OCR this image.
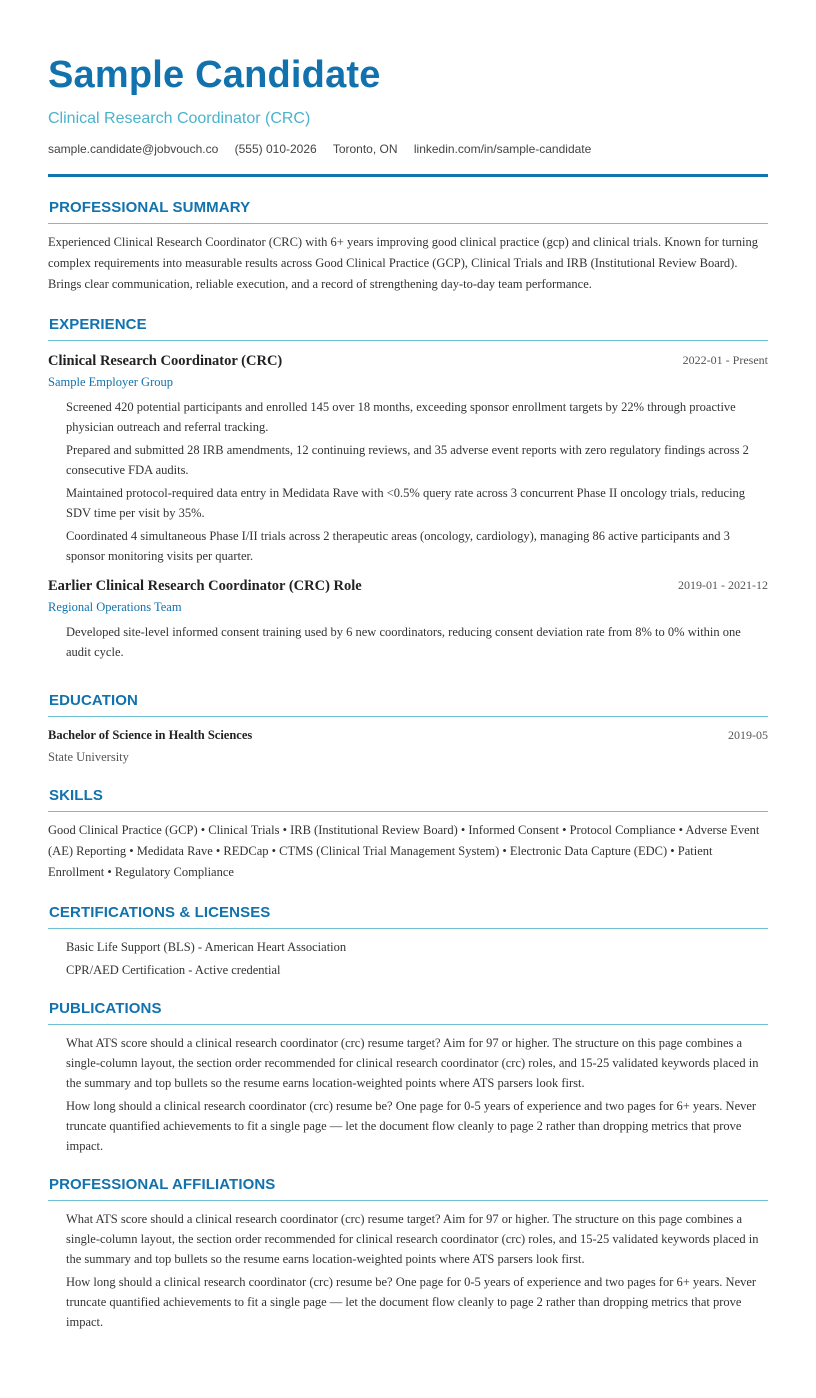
Sample Candidate
Clinical Research Coordinator (CRC)
sample.candidate@jobvouch.co (555) 010-2026 Toronto, ON linkedin.com/in/sample-candidate
PROFESSIONAL SUMMARY
Experienced Clinical Research Coordinator (CRC) with 6+ years improving good clinical practice (gcp) and clinical trials. Known for turning complex requirements into measurable results across Good Clinical Practice (GCP), Clinical Trials and IRB (Institutional Review Board). Brings clear communication, reliable execution, and a record of strengthening day-to-day team performance.
EXPERIENCE
Clinical Research Coordinator (CRC)	2022-01 - Present
Sample Employer Group
Screened 420 potential participants and enrolled 145 over 18 months, exceeding sponsor enrollment targets by 22% through proactive physician outreach and referral tracking.
Prepared and submitted 28 IRB amendments, 12 continuing reviews, and 35 adverse event reports with zero regulatory findings across 2 consecutive FDA audits.
Maintained protocol-required data entry in Medidata Rave with <0.5% query rate across 3 concurrent Phase II oncology trials, reducing SDV time per visit by 35%.
Coordinated 4 simultaneous Phase I/II trials across 2 therapeutic areas (oncology, cardiology), managing 86 active participants and 3 sponsor monitoring visits per quarter.
Earlier Clinical Research Coordinator (CRC) Role	2019-01 - 2021-12
Regional Operations Team
Developed site-level informed consent training used by 6 new coordinators, reducing consent deviation rate from 8% to 0% within one audit cycle.
EDUCATION
Bachelor of Science in Health Sciences	2019-05
State University
SKILLS
Good Clinical Practice (GCP) • Clinical Trials • IRB (Institutional Review Board) • Informed Consent • Protocol Compliance • Adverse Event (AE) Reporting • Medidata Rave • REDCap • CTMS (Clinical Trial Management System) • Electronic Data Capture (EDC) • Patient Enrollment • Regulatory Compliance
CERTIFICATIONS & LICENSES
Basic Life Support (BLS) - American Heart Association
CPR/AED Certification - Active credential
PUBLICATIONS
What ATS score should a clinical research coordinator (crc) resume target? Aim for 97 or higher. The structure on this page combines a single-column layout, the section order recommended for clinical research coordinator (crc) roles, and 15-25 validated keywords placed in the summary and top bullets so the resume earns location-weighted points where ATS parsers look first.
How long should a clinical research coordinator (crc) resume be? One page for 0-5 years of experience and two pages for 6+ years. Never truncate quantified achievements to fit a single page — let the document flow cleanly to page 2 rather than dropping metrics that prove impact.
PROFESSIONAL AFFILIATIONS
What ATS score should a clinical research coordinator (crc) resume target? Aim for 97 or higher. The structure on this page combines a single-column layout, the section order recommended for clinical research coordinator (crc) roles, and 15-25 validated keywords placed in the summary and top bullets so the resume earns location-weighted points where ATS parsers look first.
How long should a clinical research coordinator (crc) resume be? One page for 0-5 years of experience and two pages for 6+ years. Never truncate quantified achievements to fit a single page — let the document flow cleanly to page 2 rather than dropping metrics that prove impact.
